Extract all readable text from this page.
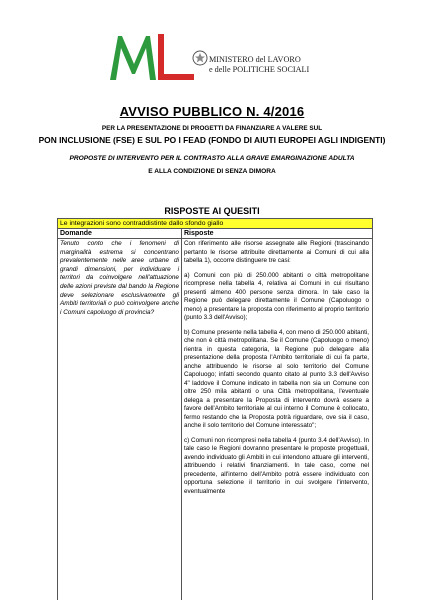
ML
MINISTERO del LAVORO
e delle POLITICHE SOCIALI
AVVISO PUBBLICO N. 4/2016
PER LA PRESENTAZIONE DI PROGETTI DA FINANZIARE A VALERE SUL
PON INCLUSIONE (FSE) E SUL PO I FEAD (FONDO DI AIUTI EUROPEI AGLI INDIGENTI)
PROPOSTE DI INTERVENTO PER IL CONTRASTO ALLA GRAVE EMARGINAZIONE ADULTA
E ALLA CONDIZIONE DI SENZA DIMORA
RISPOSTE AI QUESITI
Le integrazioni sono contraddistinte dallo sfondo giallo
Domande	Risposte
Tenuto conto che i fenomeni di marginalità estrema si concentrano prevalentemente nelle aree urbane di grandi dimensioni, per individuare i territori da coinvolgere nell'attuazione delle azioni previste dal bando la Regione deve selezionare esclusivamente gli Ambiti territoriali o può coinvolgere anche i Comuni capoluogo di provincia?

Con riferimento alle risorse assegnate alle Regioni (trascinando pertanto le risorse attribuite direttamente ai Comuni di cui alla tabella 1), occorre distinguere tre casi:

a) Comuni con più di 250.000 abitanti o città metropolitane ricomprese nella tabella 4, relativa ai Comuni in cui risultano presenti almeno 400 persone senza dimora. In tale caso la Regione può delegare direttamente il Comune (Capoluogo o meno) a presentare la proposta con riferimento al proprio territorio (punto 3.3 dell'Avviso);

b) Comune presente nella tabella 4, con meno di 250.000 abitanti, che non è città metropolitana. Se il Comune (Capoluogo o meno) rientra in questa categoria, la Regione può delegare alla presentazione della proposta l'Ambito territoriale di cui fa parte, anche attribuendo le risorse al solo territorio del Comune Capoluogo; infatti secondo quanto citato al punto 3.3 dell'Avviso 4" laddove il Comune indicato in tabella non sia un Comune con oltre 250 mila abitanti o una Città metropolitana, l'eventuale delega a presentare la Proposta di intervento dovrà essere a favore dell'Ambito territoriale al cui interno il Comune è collocato, fermo restando che la Proposta potrà riguardare, ove sia il caso, anche il solo territorio del Comune interessato";

c) Comuni non ricompresi nella tabella 4 (punto 3.4 dell'Avviso). In tale caso le Regioni dovranno presentare le proposte progettuali, avendo individuato gli Ambiti in cui intendono attuare gli interventi, attribuendo i relativi finanziamenti. In tale caso, come nel precedente, all'interno dell'Ambito potrà essere individuato con opportuna selezione il territorio in cui svolgere l'intervento, eventualmente
